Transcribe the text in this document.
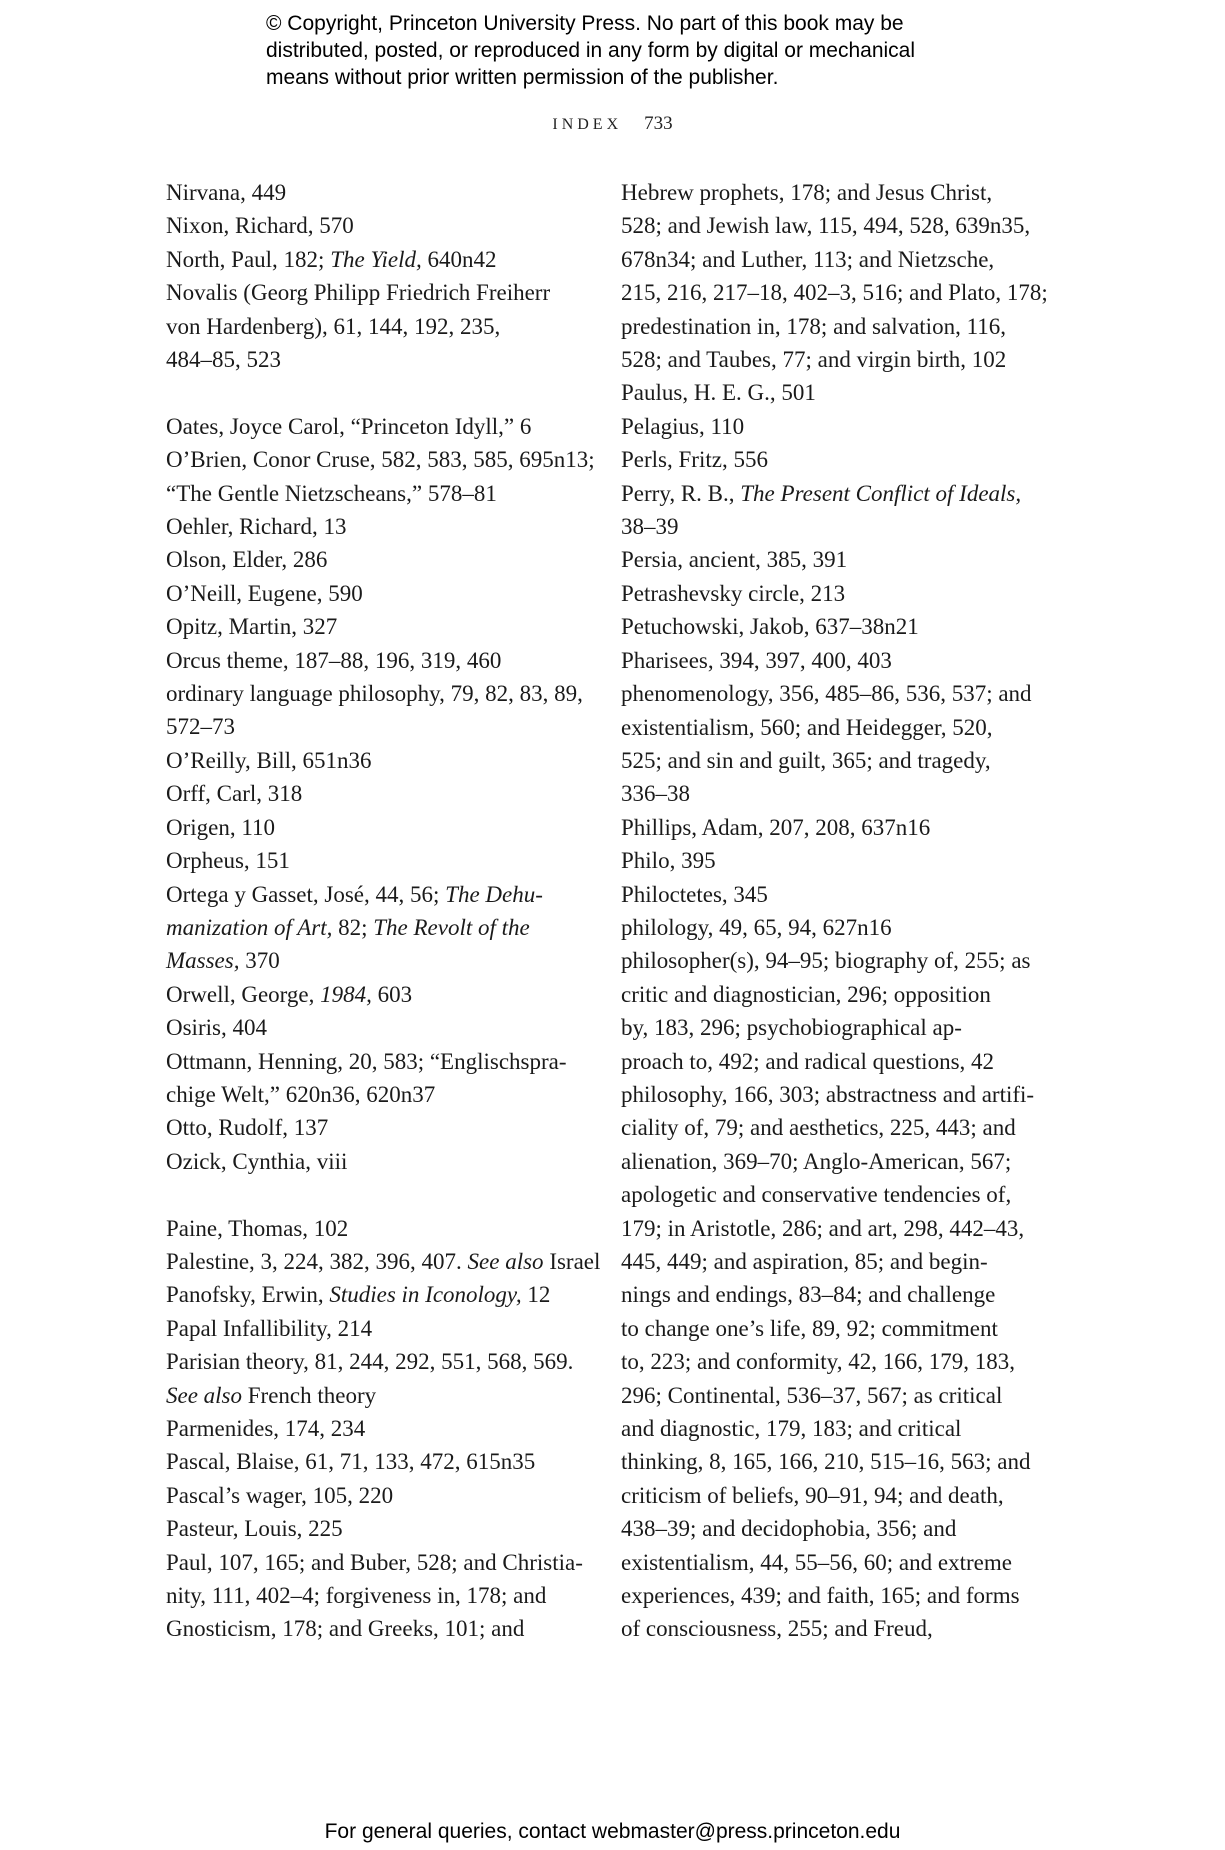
© Copyright, Princeton University Press. No part of this book may be
distributed, posted, or reproduced in any form by digital or mechanical
means without prior written permission of the publisher.
INDEX 733
Nirvana, 449
Nixon, Richard, 570
North, Paul, 182; The Yield, 640n42
Novalis (Georg Philipp Friedrich Freiherr
von Hardenberg), 61, 144, 192, 235,
484–85, 523
Oates, Joyce Carol, “Princeton Idyll,” 6
O’Brien, Conor Cruse, 582, 583, 585, 695n13;
“The Gentle Nietzscheans,” 578–81
Oehler, Richard, 13
Olson, Elder, 286
O’Neill, Eugene, 590
Opitz, Martin, 327
Orcus theme, 187–88, 196, 319, 460
ordinary language philosophy, 79, 82, 83, 89,
572–73
O’Reilly, Bill, 651n36
Orff, Carl, 318
Origen, 110
Orpheus, 151
Ortega y Gasset, José, 44, 56; The Dehu-
manization of Art, 82; The Revolt of the
Masses, 370
Orwell, George, 1984, 603
Osiris, 404
Ottmann, Henning, 20, 583; “Englischspra-
chige Welt,” 620n36, 620n37
Otto, Rudolf, 137
Ozick, Cynthia, viii
Paine, Thomas, 102
Palestine, 3, 224, 382, 396, 407. See also Israel
Panofsky, Erwin, Studies in Iconology, 12
Papal Infallibility, 214
Parisian theory, 81, 244, 292, 551, 568, 569.
See also French theory
Parmenides, 174, 234
Pascal, Blaise, 61, 71, 133, 472, 615n35
Pascal’s wager, 105, 220
Pasteur, Louis, 225
Paul, 107, 165; and Buber, 528; and Christia-
nity, 111, 402–4; forgiveness in, 178; and
Gnosticism, 178; and Greeks, 101; and
Hebrew prophets, 178; and Jesus Christ,
528; and Jewish law, 115, 494, 528, 639n35,
678n34; and Luther, 113; and Nietzsche,
215, 216, 217–18, 402–3, 516; and Plato, 178;
predestination in, 178; and salvation, 116,
528; and Taubes, 77; and virgin birth, 102
Paulus, H. E. G., 501
Pelagius, 110
Perls, Fritz, 556
Perry, R. B., The Present Conflict of Ideals,
38–39
Persia, ancient, 385, 391
Petrashevsky circle, 213
Petuchowski, Jakob, 637–38n21
Pharisees, 394, 397, 400, 403
phenomenology, 356, 485–86, 536, 537; and
existentialism, 560; and Heidegger, 520,
525; and sin and guilt, 365; and tragedy,
336–38
Phillips, Adam, 207, 208, 637n16
Philo, 395
Philoctetes, 345
philology, 49, 65, 94, 627n16
philosopher(s), 94–95; biography of, 255; as
critic and diagnostician, 296; opposition
by, 183, 296; psychobiographical ap-
proach to, 492; and radical questions, 42
philosophy, 166, 303; abstractness and artifi-
ciality of, 79; and aesthetics, 225, 443; and
alienation, 369–70; Anglo-American, 567;
apologetic and conservative tendencies of,
179; in Aristotle, 286; and art, 298, 442–43,
445, 449; and aspiration, 85; and begin-
nings and endings, 83–84; and challenge
to change one’s life, 89, 92; commitment
to, 223; and conformity, 42, 166, 179, 183,
296; Continental, 536–37, 567; as critical
and diagnostic, 179, 183; and critical
thinking, 8, 165, 166, 210, 515–16, 563; and
criticism of beliefs, 90–91, 94; and death,
438–39; and decidophobia, 356; and
existentialism, 44, 55–56, 60; and extreme
experiences, 439; and faith, 165; and forms
of consciousness, 255; and Freud,
For general queries, contact webmaster@press.princeton.edu
